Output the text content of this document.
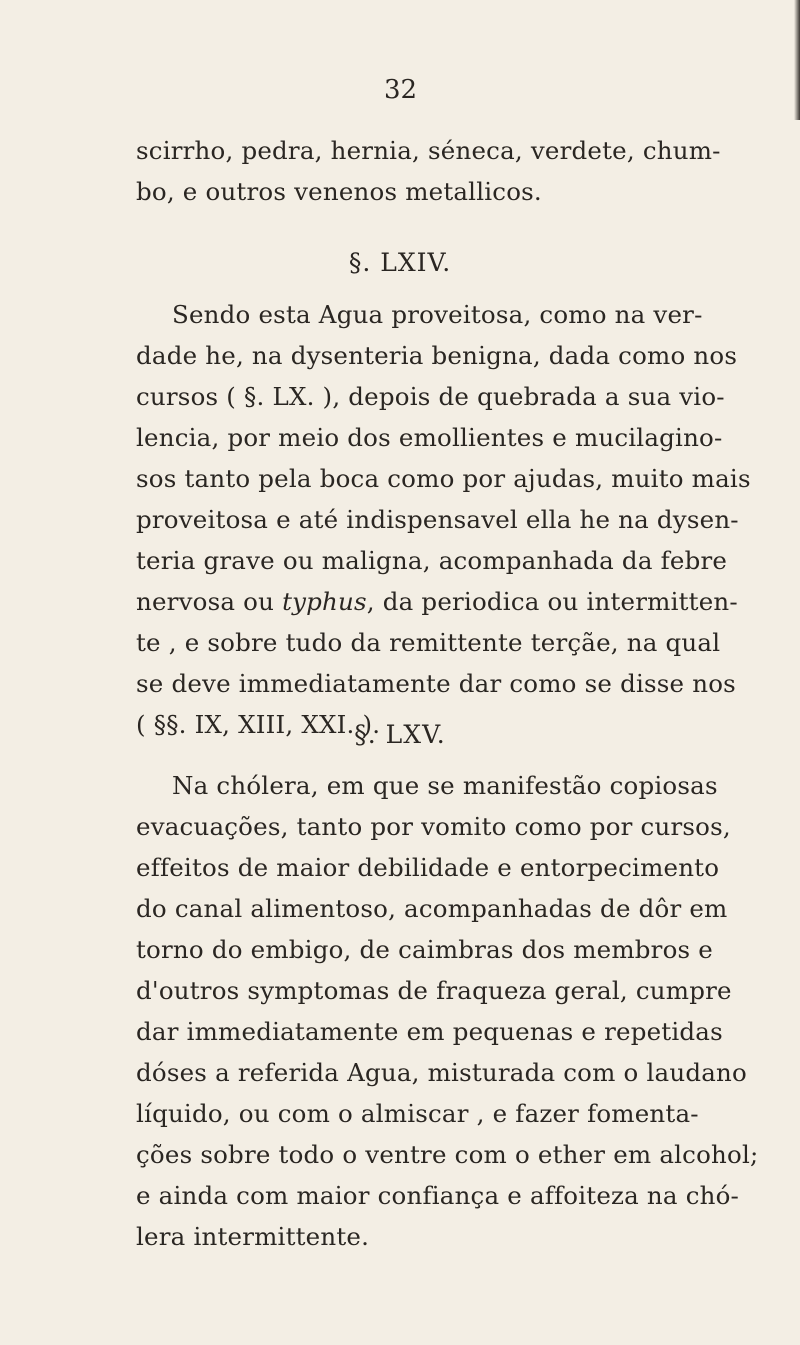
32
scirrho, pedra, hernia, séneca, verdete, chum-
bo, e outros venenos metallicos.
§. LXIV.
Sendo esta Agua proveitosa, como na ver-
dade he, na dysenteria benigna, dada como nos
cursos ( §. LX. ), depois de quebrada a sua vio-
lencia, por meio dos emollientes e mucilagino-
sos tanto pela boca como por ajudas, muito mais
proveitosa e até indispensavel ella he na dysen-
teria grave ou maligna, acompanhada da febre
nervosa ou typhus, da periodica ou intermitten-
te , e sobre tudo da remittente terçãe, na qual
se deve immediatamente dar como se disse nos
( §§. IX, XIII, XXI. ).
§. LXV.
Na chólera, em que se manifestão copiosas
evacuações, tanto por vomito como por cursos,
effeitos de maior debilidade e entorpecimento
do canal alimentoso, acompanhadas de dôr em
torno do embigo, de caimbras dos membros e
d'outros symptomas de fraqueza geral, cumpre
dar immediatamente em pequenas e repetidas
dóses a referida Agua, misturada com o laudano
líquido, ou com o almiscar , e fazer fomenta-
ções sobre todo o ventre com o ether em alcohol;
e ainda com maior confiança e affoiteza na chó-
lera intermittente.
